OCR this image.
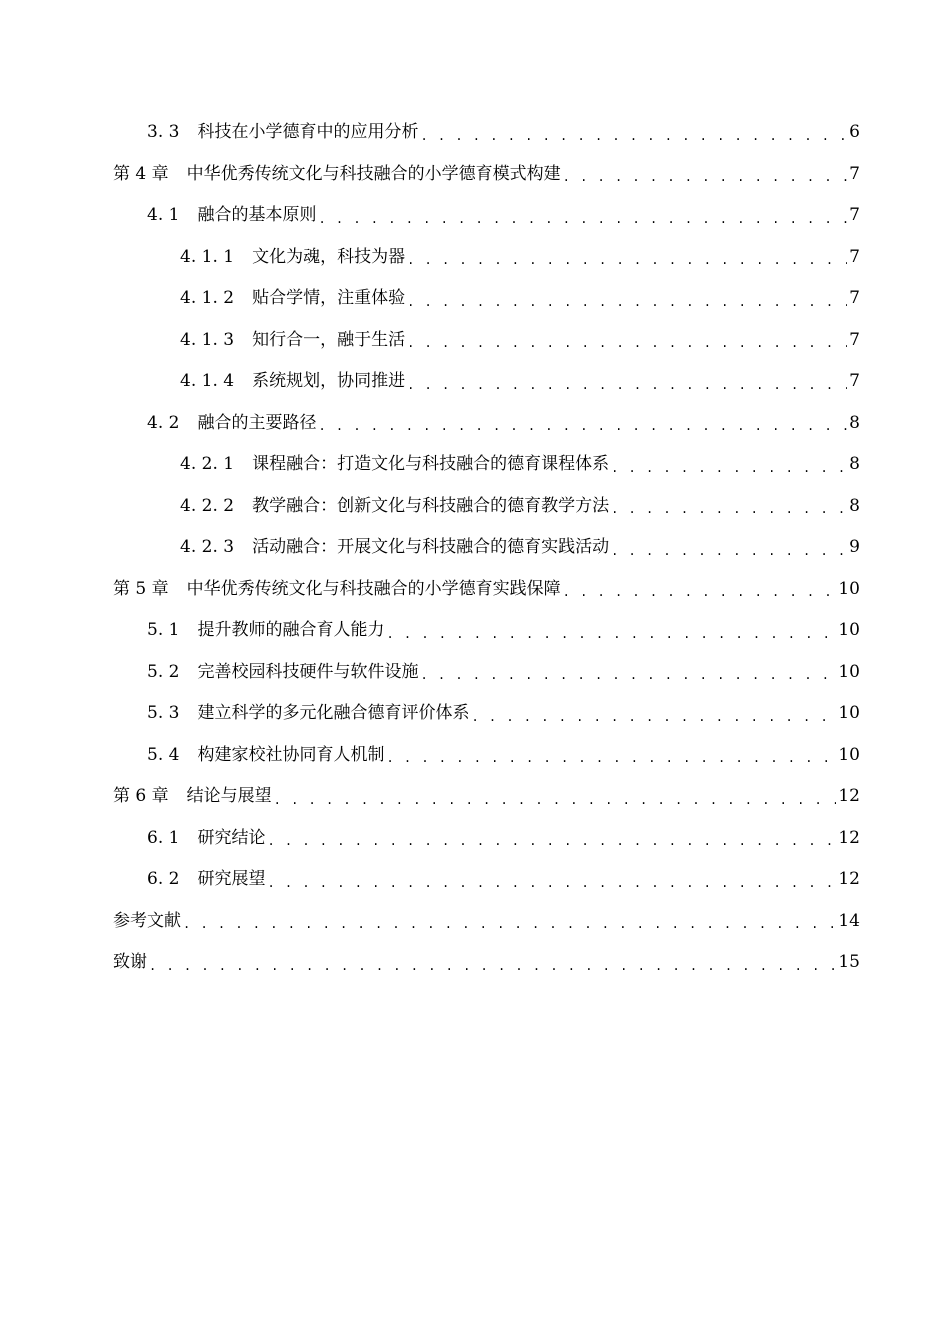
3. 3 科技在小学德育中的应用分析 . . .	6
第 4 章 中华优秀传统文化与科技融合的小学德育模式构建 . . .	7
4. 1 融合的基本原则 . . .	7
4. 1. 1 文化为魂，科技为器 . . .	7
4. 1. 2 贴合学情，注重体验 . . .	7
4. 1. 3 知行合一，融于生活 . . .	7
4. 1. 4 系统规划，协同推进 . . .	7
4. 2 融合的主要路径 . . .	8
4. 2. 1 课程融合：打造文化与科技融合的德育课程体系 . . .	8
4. 2. 2 教学融合：创新文化与科技融合的德育教学方法 . . .	8
4. 2. 3 活动融合：开展文化与科技融合的德育实践活动 . . .	9
第 5 章 中华优秀传统文化与科技融合的小学德育实践保障 . . .	10
5. 1 提升教师的融合育人能力 . . .	10
5. 2 完善校园科技硬件与软件设施 . . .	10
5. 3 建立科学的多元化融合德育评价体系 . . .	10
5. 4 构建家校社协同育人机制 . . .	10
第 6 章 结论与展望 . . .	12
6. 1 研究结论 . . .	12
6. 2 研究展望 . . .	12
参考文献 . . .	14
致谢 . . .	15
